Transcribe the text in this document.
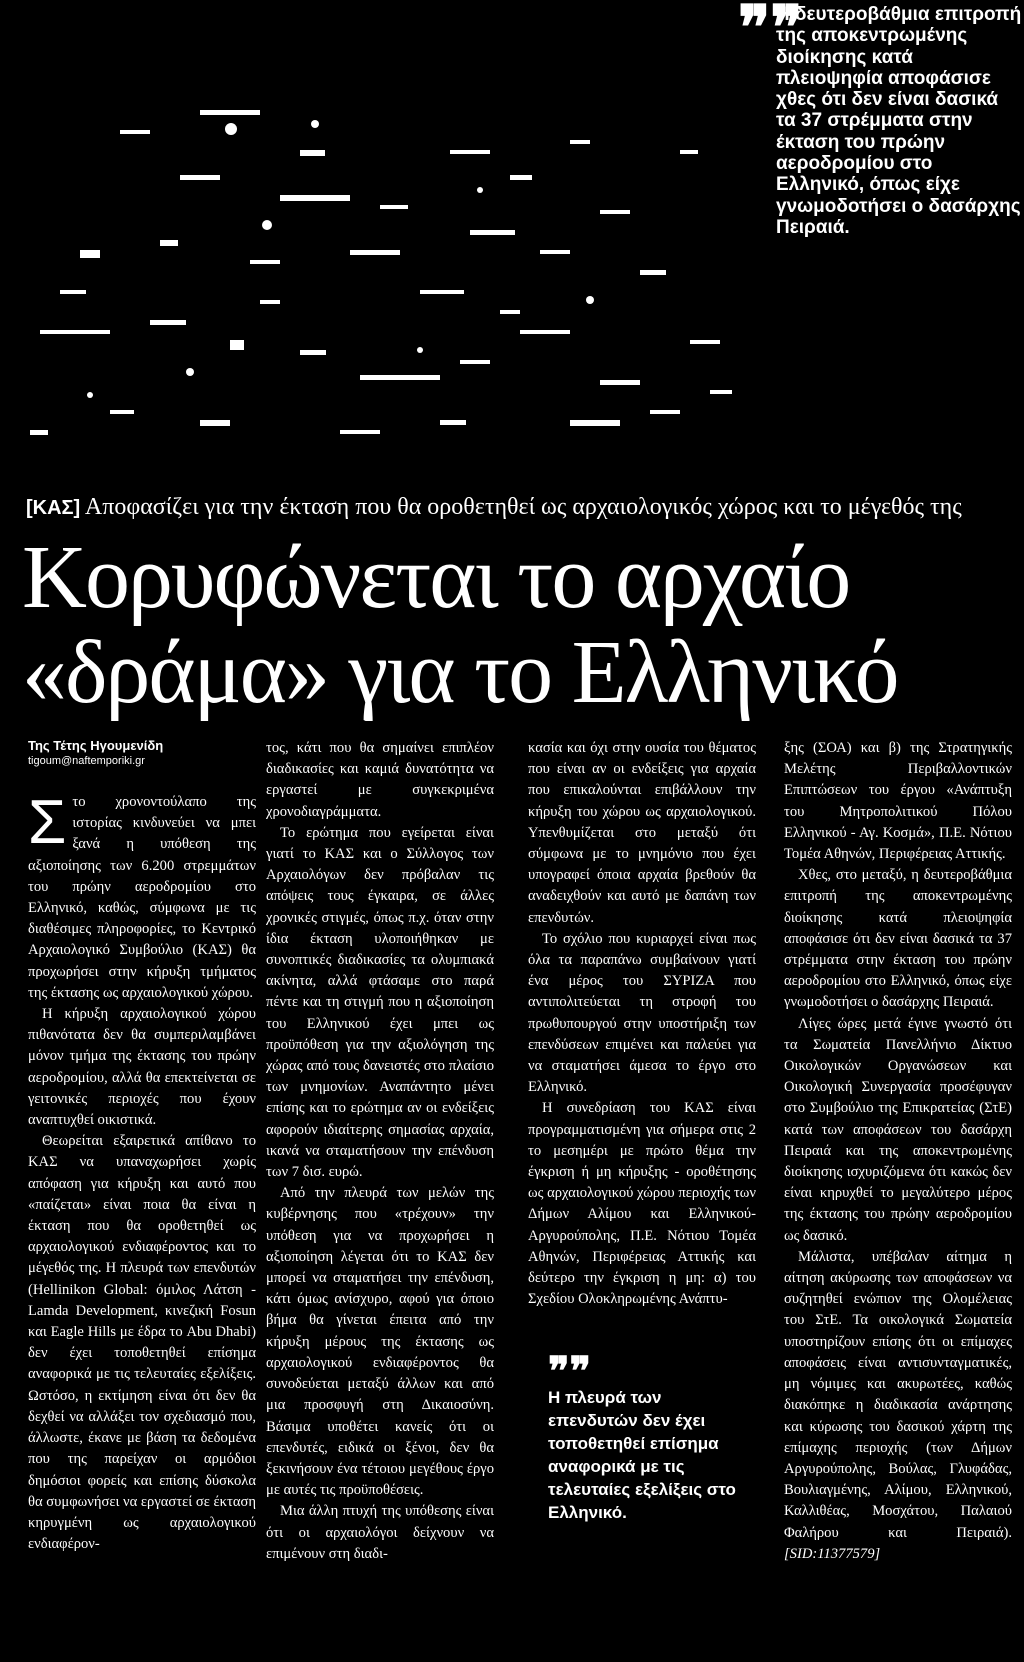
❞❞
Η δευτεροβάθμια επιτροπή της αποκεντρωμένης διοίκησης κατά πλειοψηφία αποφάσισε χθες ότι δεν είναι δασικά τα 37 στρέμματα στην έκταση του πρώην αεροδρομίου στο Ελληνικό, όπως είχε γνωμοδοτήσει ο δασάρχης Πειραιά.
[ΚΑΣ] Αποφασίζει για την έκταση που θα οροθετηθεί ως αρχαιολογικός χώρος και το μέγεθός της
Κορυφώνεται το αρχαίο
«δράμα» για το Ελληνικό
Της Τέτης Ηγουμενίδη
tigoum@naftemporiki.gr
Σ το χρονοντούλαπο της ιστορίας κινδυνεύει να μπει ξανά η υπόθεση της αξιοποίησης των 6.200 στρεμμάτων του πρώην αεροδρομίου στο Ελληνικό, καθώς, σύμφωνα με τις διαθέσιμες πληροφορίες, το Κεντρικό Αρχαιολογικό Συμβούλιο (ΚΑΣ) θα προχωρήσει στην κήρυξη τμήματος της έκτασης ως αρχαιολογικού χώρου.

Η κήρυξη αρχαιολογικού χώρου πιθανότατα δεν θα συμπεριλαμβάνει μόνον τμήμα της έκτασης του πρώην αεροδρομίου, αλλά θα επεκτείνεται σε γειτονικές περιοχές που έχουν αναπτυχθεί οικιστικά.

Θεωρείται εξαιρετικά απίθανο το ΚΑΣ να υπαναχωρήσει χωρίς απόφαση για κήρυξη και αυτό που «παίζεται» είναι ποια θα είναι η έκταση που θα οροθετηθεί ως αρχαιολογικού ενδιαφέροντος και το μέγεθός της. Η πλευρά των επενδυτών (Hellinikon Global: όμιλος Λάτση - Lamda Development, κινεζική Fosun και Eagle Hills με έδρα το Abu Dhabi) δεν έχει τοποθετηθεί επίσημα αναφορικά με τις τελευταίες εξελίξεις. Ωστόσο, η εκτίμηση είναι ότι δεν θα δεχθεί να αλλάξει τον σχεδιασμό που, άλλωστε, έκανε με βάση τα δεδομένα που της παρείχαν οι αρμόδιοι δημόσιοι φορείς και επίσης δύσκολα θα συμφωνήσει να εργαστεί σε έκταση κηρυγμένη ως αρχαιολογικού ενδιαφέρον-

τος, κάτι που θα σημαίνει επιπλέον διαδικασίες και καμιά δυνατότητα να εργαστεί με συγκεκριμένα χρονοδιαγράμματα.

Το ερώτημα που εγείρεται είναι γιατί το ΚΑΣ και ο Σύλλογος των Αρχαιολόγων δεν πρόβαλαν τις απόψεις τους έγκαιρα, σε άλλες χρονικές στιγμές, όπως π.χ. όταν στην ίδια έκταση υλοποιήθηκαν με συνοπτικές διαδικασίες τα ολυμπιακά ακίνητα, αλλά φτάσαμε στο παρά πέντε και τη στιγμή που η αξιοποίηση του Ελληνικού έχει μπει ως προϋπόθεση για την αξιολόγηση της χώρας από τους δανειστές στο πλαίσιο των μνημονίων. Αναπάντητο μένει επίσης και το ερώτημα αν οι ενδείξεις αφορούν ιδιαίτερης σημασίας αρχαία, ικανά να σταματήσουν την επένδυση των 7 δισ. ευρώ.

Από την πλευρά των μελών της κυβέρνησης που «τρέχουν» την υπόθεση για να προχωρήσει η αξιοποίηση λέγεται ότι το ΚΑΣ δεν μπορεί να σταματήσει την επένδυση, κάτι όμως ανίσχυρο, αφού για όποιο βήμα θα γίνεται έπειτα από την κήρυξη μέρους της έκτασης ως αρχαιολογικού ενδιαφέροντος θα συνοδεύεται μεταξύ άλλων και από μια προσφυγή στη Δικαιοσύνη. Βάσιμα υποθέτει κανείς ότι οι επενδυτές, ειδικά οι ξένοι, δεν θα ξεκινήσουν ένα τέτοιου μεγέθους έργο με αυτές τις προϋποθέσεις.

Μια άλλη πτυχή της υπόθεσης είναι ότι οι αρχαιολόγοι δείχνουν να επιμένουν στη διαδι-

κασία και όχι στην ουσία του θέματος που είναι αν οι ενδείξεις για αρχαία που επικαλούνται επιβάλλουν την κήρυξη του χώρου ως αρχαιολογικού. Υπενθυμίζεται στο μεταξύ ότι σύμφωνα με το μνημόνιο που έχει υπογραφεί όποια αρχαία βρεθούν θα αναδειχθούν και αυτό με δαπάνη των επενδυτών.

Το σχόλιο που κυριαρχεί είναι πως όλα τα παραπάνω συμβαίνουν γιατί ένα μέρος του ΣΥΡΙΖΑ που αντιπολιτεύεται τη στροφή του πρωθυπουργού στην υποστήριξη των επενδύσεων επιμένει και παλεύει για να σταματήσει άμεσα το έργο στο Ελληνικό.

Η συνεδρίαση του ΚΑΣ είναι προγραμματισμένη για σήμερα στις 2 το μεσημέρι με πρώτο θέμα την έγκριση ή μη κήρυξης - οροθέτησης ως αρχαιολογικού χώρου περιοχής των Δήμων Αλίμου και Ελληνικού-Αργυρούπολης, Π.Ε. Νότιου Τομέα Αθηνών, Περιφέρειας Αττικής και δεύτερο την έγκριση η μη: α) του Σχεδίου Ολοκληρωμένης Ανάπτυ-

❞❞
Η πλευρά των επενδυτών δεν έχει τοποθετηθεί επίσημα αναφορικά με τις τελευταίες εξελίξεις στο Ελληνικό.

ξης (ΣΟΑ) και β) της Στρατηγικής Μελέτης Περιβαλλοντικών Επιπτώσεων του έργου «Ανάπτυξη του Μητροπολιτικού Πόλου Ελληνικού - Αγ. Κοσμά», Π.Ε. Νότιου Τομέα Αθηνών, Περιφέρειας Αττικής.

Χθες, στο μεταξύ, η δευτεροβάθμια επιτροπή της αποκεντρωμένης διοίκησης κατά πλειοψηφία αποφάσισε ότι δεν είναι δασικά τα 37 στρέμματα στην έκταση του πρώην αεροδρομίου στο Ελληνικό, όπως είχε γνωμοδοτήσει ο δασάρχης Πειραιά.

Λίγες ώρες μετά έγινε γνωστό ότι τα Σωματεία Πανελλήνιο Δίκτυο Οικολογικών Οργανώσεων και Οικολογική Συνεργασία προσέφυγαν στο Συμβούλιο της Επικρατείας (ΣτΕ) κατά των αποφάσεων του δασάρχη Πειραιά και της αποκεντρωμένης διοίκησης ισχυριζόμενα ότι κακώς δεν είναι κηρυχθεί το μεγαλύτερο μέρος της έκτασης του πρώην αεροδρομίου ως δασικό.

Μάλιστα, υπέβαλαν αίτημα η αίτηση ακύρωσης των αποφάσεων να συζητηθεί ενώπιον της Ολομέλειας του ΣτΕ. Τα οικολογικά Σωματεία υποστηρίζουν επίσης ότι οι επίμαχες αποφάσεις είναι αντισυνταγματικές, μη νόμιμες και ακυρωτέες, καθώς διακόπηκε η διαδικασία ανάρτησης και κύρωσης του δασικού χάρτη της επίμαχης περιοχής (των Δήμων Αργυρούπολης, Βούλας, Γλυφάδας, Βουλιαγμένης, Αλίμου, Ελληνικού, Καλλιθέας, Μοσχάτου, Παλαιού Φαλήρου και Πειραιά). [SID:11377579]
